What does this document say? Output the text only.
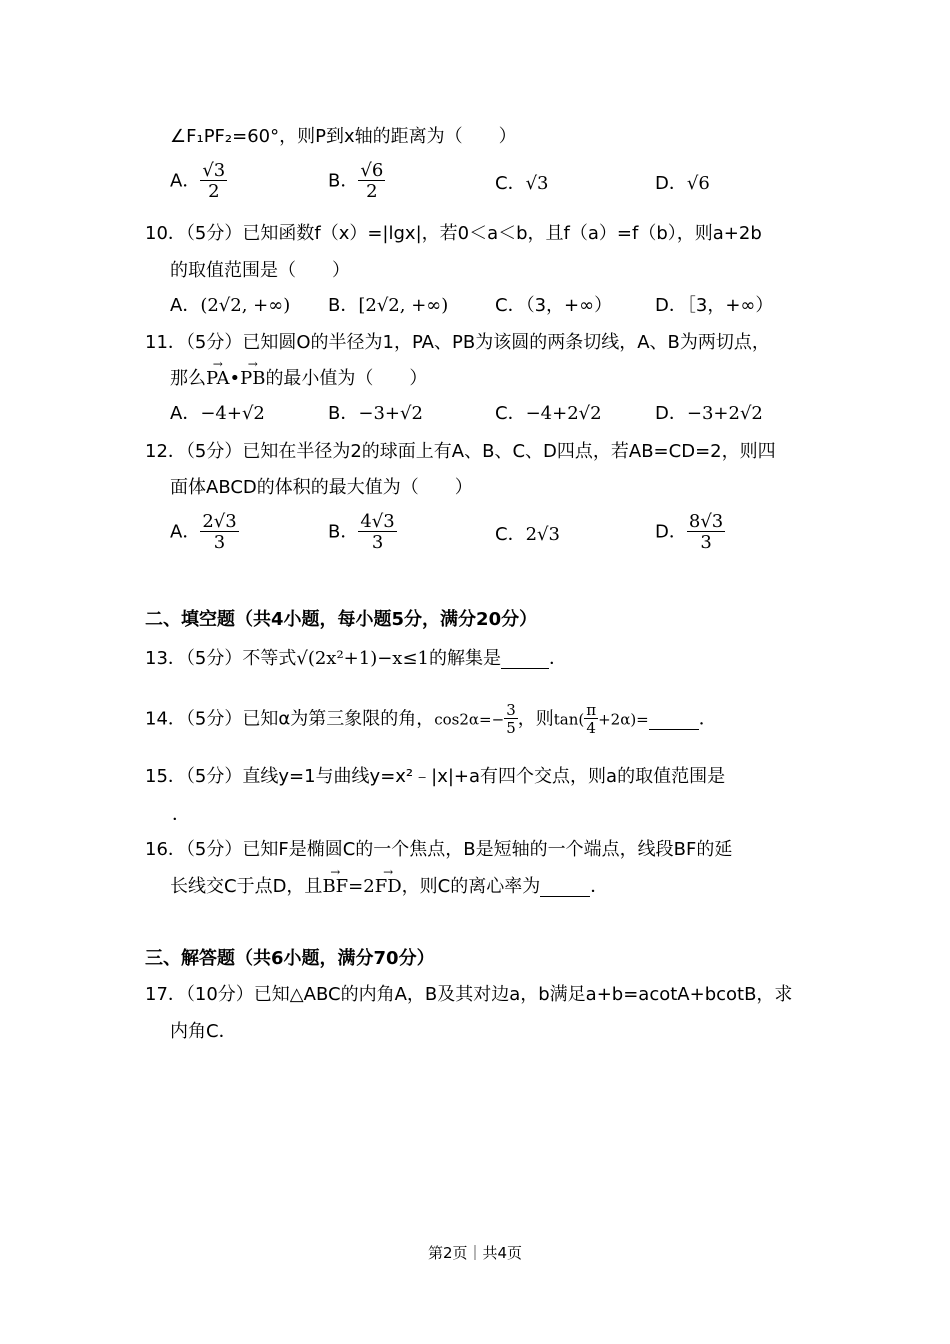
∠F₁PF₂=60°，则P到x轴的距离为（　　）
A． $\frac{√3}{2}$	B． $\frac{√6}{2}$	C．√3	D．√6
10．（5分）已知函数f（x）=|lgx|，若0＜a＜b，且f（a）=f（b），则a+2b
的取值范围是（　　）
A．(2√2, +∞) B．[2√2, +∞)	C．（3，+∞） D．［3，+∞）
11．（5分）已知圆O的半径为1，PA、PB为该圆的两条切线，A、B为两切点，
那么→ PA•→ PB的最小值为（　　）
A．−4+√2	B．−3+√2	C．−4+2√2	D．−3+2√2
12．（5分）已知在半径为2的球面上有A、B、C、D四点，若AB=CD=2，则四
面体ABCD的体积的最大值为（　　）
A． $\frac{2√3}{3}$	B． $\frac{4√3}{3}$	C．2√3	D． $\frac{8√3}{3}$
二、填空题（共4小题，每小题5分，满分20分）
13．（5分）不等式√(2x²+1)−x≤1的解集是	．
14．（5分）已知α为第三象限的角，$\cos 2\alpha=- \frac{3}{5}$ ，则$\tan( \frac{\pi}{4} +2\alpha)=$	．
15．（5分）直线y=1与曲线y=x²﹣|x|+a有四个交点，则a的取值范围是
．
16．（5分）已知F是椭圆C的一个焦点，B是短轴的一个端点，线段BF的延
长线交C于点D，且→ BF=2→ FD，则C的离心率为	．
三、解答题（共6小题，满分70分）
17．（10分）已知△ABC的内角A，B及其对边a，b满足a+b=acotA+bcotB，求
内角C．
第2页｜共4页
